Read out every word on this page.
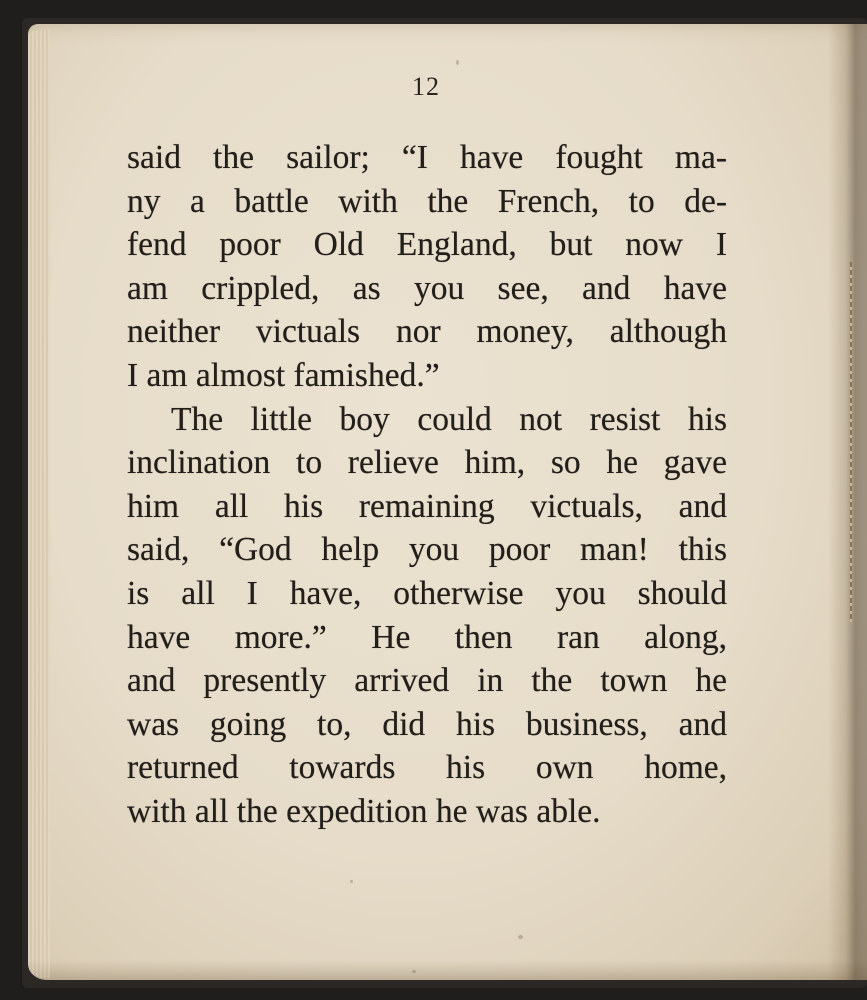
12
said the sailor; “I have fought ma-
ny a battle with the French, to de-
fend poor Old England, but now I
am crippled, as you see, and have
neither victuals nor money, although
I am almost famished.”
The little boy could not resist his
inclination to relieve him, so he gave
him all his remaining victuals, and
said, “God help you poor man! this
is all I have, otherwise you should
have more.” He then ran along,
and presently arrived in the town he
was going to, did his business, and
returned towards his own home,
with all the expedition he was able.
